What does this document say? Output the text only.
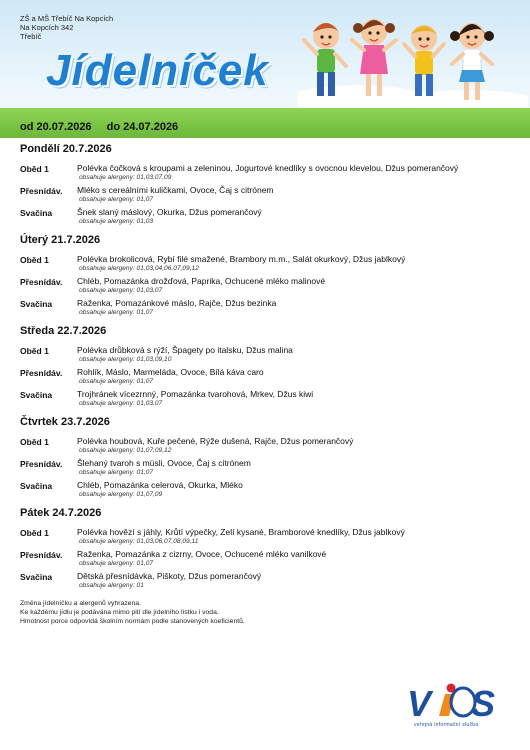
ZŠ a MŠ Třebíč Na Kopcích
Na Kopcích 342
Třebíč
Jídelníček
od 20.07.2026 do 24.07.2026
Pondělí 20.7.2026
Oběd 1	Polévka čočková s kroupami a zeleninou, Jogurtové knedlíky s ovocnou klevelou, Džus pomerančový
obsahuje alergeny: 01,03,07,09
Přesnídáv.	Mléko s cereálními kuličkami, Ovoce, Čaj s citrónem
obsahuje alergeny: 01,07
Svačina	Šnek slaný máslový, Okurka, Džus pomerančový
obsahuje alergeny: 01,03
Úterý 21.7.2026
Oběd 1	Polévka brokolicová, Rybí filé smažené, Brambory m.m., Salát okurkový, Džus jablkový
obsahuje alergeny: 01,03,04,06,07,09,12
Přesnídáv.	Chléb, Pomazánka drožďová, Paprika, Ochucené mléko malinové
obsahuje alergeny: 01,03,07
Svačina	Raženka, Pomazánkové máslo, Rajče, Džus bezinka
obsahuje alergeny: 01,07
Středa 22.7.2026
Oběd 1	Polévka drůbková s rýží, Špagety po italsku, Džus malina
obsahuje alergeny: 01,03,09,10
Přesnídáv.	Rohlík, Máslo, Marmeláda, Ovoce, Bílá káva caro
obsahuje alergeny: 01,07
Svačina	Trojhránek vícezrnný, Pomazánka tvarohová, Mrkev, Džus kiwi
obsahuje alergeny: 01,03,07
Čtvrtek 23.7.2026
Oběd 1	Polévka houbová, Kuře pečené, Rýže dušená, Rajče, Džus pomerančový
obsahuje alergeny: 01,07,09,12
Přesnídáv.	Šlehaný tvaroh s müsli, Ovoce, Čaj s citrónem
obsahuje alergeny: 01,07
Svačina	Chléb, Pomazánka celerová, Okurka, Mléko
obsahuje alergeny: 01,07,09
Pátek 24.7.2026
Oběd 1	Polévka hovězí s jáhly, Krůtí výpečky, Zelí kysané, Bramborové knedlíky, Džus jablkový
obsahuje alergeny: 01,03,06,07,08,09,11
Přesnídáv.	Raženka, Pomazánka z cizrny, Ovoce, Ochucené mléko vanilkové
obsahuje alergeny: 01,07
Svačina	Dětská přesnídávka, Piškoty, Džus pomerančový
obsahuje alergeny: 01
Změna jídelníčku a alergenů vyhrazena.
Ke každému jídlu je podávána mimo pití dle jídelního lístku i voda.
Hmotnost porce odpovídá školním normám podle stanovených koeficientů.
V S
veřejná informační služba
